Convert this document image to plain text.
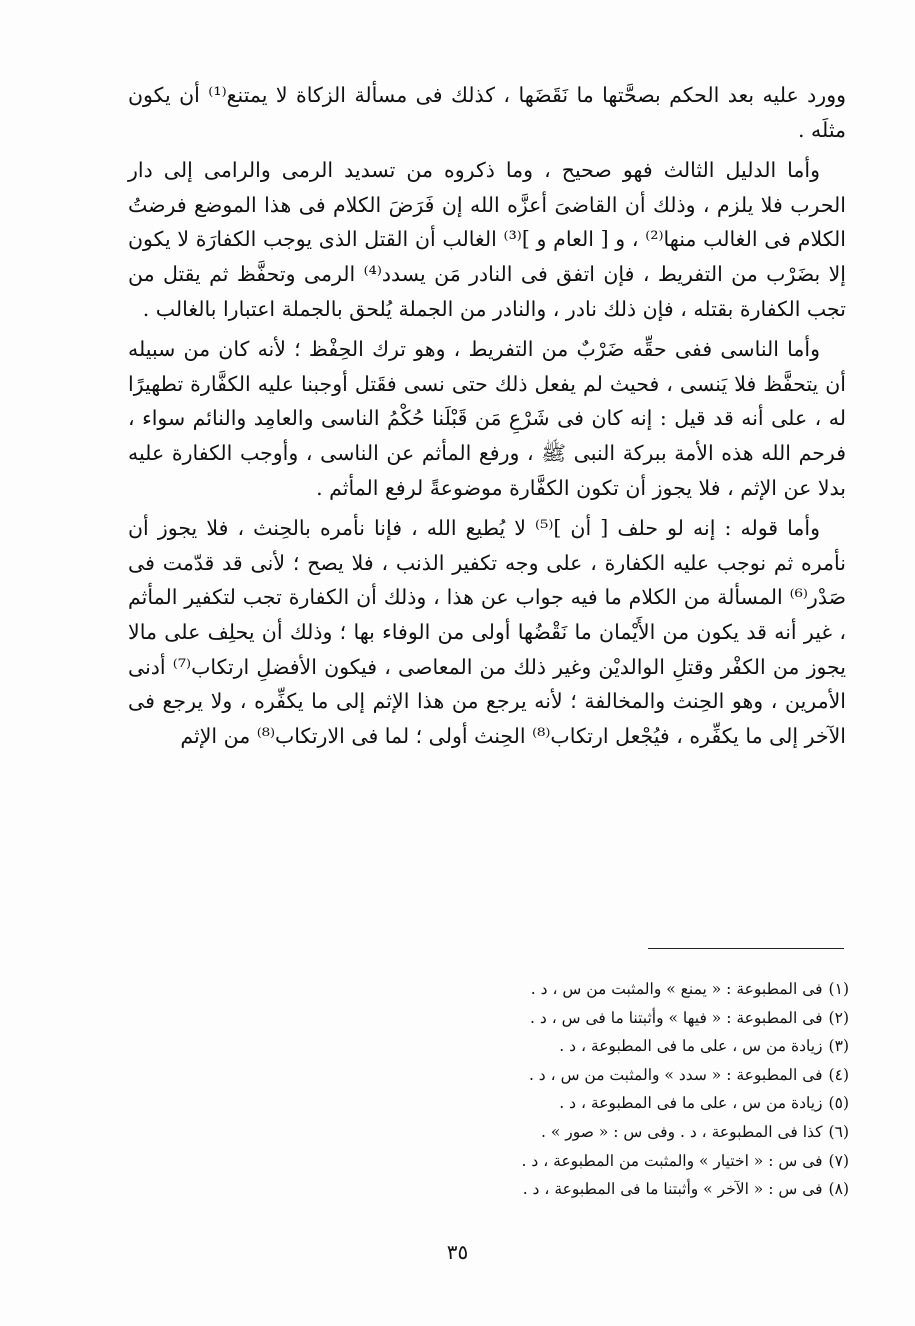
وورد عليه بعد الحكم بصحَّتها ما نَقَضَها ، كذلك فى مسألة الزكاة لا يمتنع⁽¹⁾ أن يكون مثلَه .

وأما الدليل الثالث فهو صحيح ، وما ذكروه من تسديد الرمى والرامى إلى دار الحرب فلا يلزم ، وذلك أن القاضىَ أعزَّه الله إن فَرَضَ الكلام فى هذا الموضع فرضتُ الكلام فى الغالب منها⁽²⁾ ، و [ العام و ]⁽³⁾ الغالب أن القتل الذى يوجب الكفارَة لا يكون إلا بضَرْب من التفريط ، فإن اتفق فى النادر مَن يسدد⁽⁴⁾ الرمى وتحفَّظ ثم يقتل من تجب الكفارة بقتله ، فإن ذلك نادر ، والنادر من الجملة يُلحق بالجملة اعتبارا بالغالب .

وأما الناسى ففى حقِّه ضَرْبٌ من التفريط ، وهو ترك الحِفْظ ؛ لأنه كان من سبيله أن يتحفَّظ فلا يَنسى ، فحيث لم يفعل ذلك حتى نسى فقَتل أوجبنا عليه الكفَّارة تطهيرًا له ، على أنه قد قيل : إنه كان فى شَرْعِ مَن قَبْلَنا حُكْمُ الناسى والعامِد والنائم سواء ، فرحم الله هذه الأمة ببركة النبى ﷺ ، ورفع المأثم عن الناسى ، وأوجب الكفارة عليه بدلا عن الإثم ، فلا يجوز أن تكون الكفَّارة موضوعةً لرفع المأثم .

وأما قوله : إنه لو حلف [ أن ]⁽⁵⁾ لا يُطيع الله ، فإنا نأمره بالحِنث ، فلا يجوز أن نأمره ثم نوجب عليه الكفارة ، على وجه تكفير الذنب ، فلا يصح ؛ لأنى قد قدّمت فى صَدْر⁽⁶⁾ المسألة من الكلام ما فيه جواب عن هذا ، وذلك أن الكفارة تجب لتكفير المأثم ، غير أنه قد يكون من الأَيْمان ما نَقْضُها أولى من الوفاء بها ؛ وذلك أن يحلِف على مالا يجوز من الكفْر وقتلِ الوالديْن وغير ذلك من المعاصى ، فيكون الأفضلِ ارتكاب⁽⁷⁾ أدنى الأمرين ، وهو الحِنث والمخالفة ؛ لأنه يرجع من هذا الإثم إلى ما يكفِّره ، ولا يرجع فى الآخر إلى ما يكفِّره ، فيُجْعل ارتكاب⁽⁸⁾ الحِنث أولى ؛ لما فى الارتكاب⁽⁸⁾ من الإثم

(١)فى المطبوعة : « يمنع » والمثبت من س ، د .
(٢)فى المطبوعة : « فيها » وأثبتنا ما فى س ، د .
(٣)زيادة من س ، على ما فى المطبوعة ، د .
(٤)فى المطبوعة : « سدد » والمثبت من س ، د .
(٥)زيادة من س ، على ما فى المطبوعة ، د .
(٦)كذا فى المطبوعة ، د . وفى س : « صور » .
(٧)فى س : « اختيار » والمثبت من المطبوعة ، د .
(٨)فى س : « الآخر » وأثبتنا ما فى المطبوعة ، د .
٣٥
